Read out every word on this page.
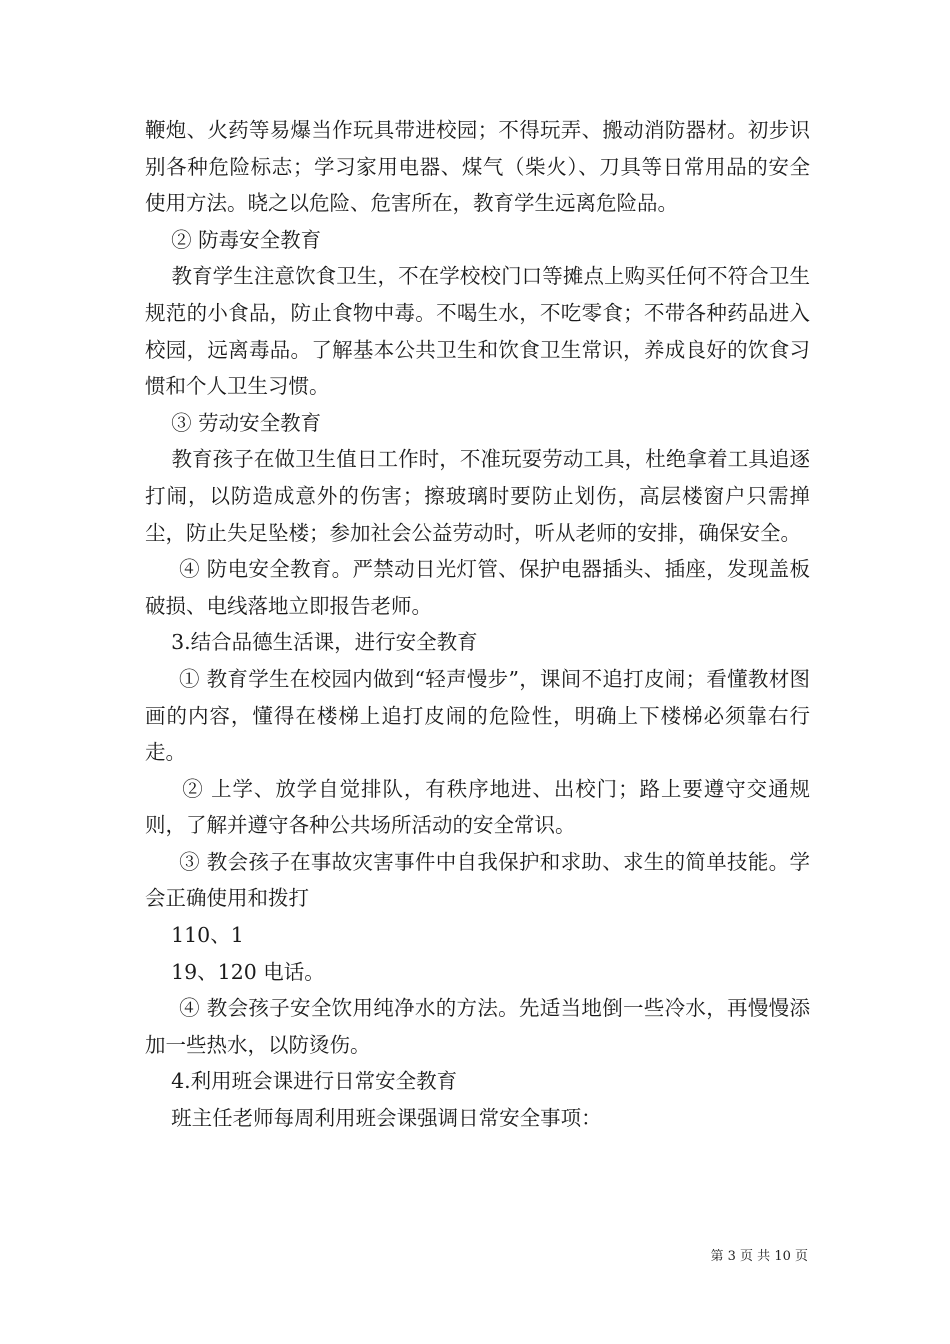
鞭炮、火药等易爆当作玩具带进校园；不得玩弄、搬动消防器材。初步识别各种危险标志；学习家用电器、煤气（柴火）、刀具等日常用品的安全使用方法。晓之以危险、危害所在，教育学生远离危险品。

② 防毒安全教育

教育学生注意饮食卫生，不在学校校门口等摊点上购买任何不符合卫生规范的小食品，防止食物中毒。不喝生水，不吃零食；不带各种药品进入校园，远离毒品。了解基本公共卫生和饮食卫生常识，养成良好的饮食习惯和个人卫生习惯。

③ 劳动安全教育

教育孩子在做卫生值日工作时，不准玩耍劳动工具，杜绝拿着工具追逐打闹，以防造成意外的伤害；擦玻璃时要防止划伤，高层楼窗户只需掸尘，防止失足坠楼；参加社会公益劳动时，听从老师的安排，确保安全。

④ 防电安全教育。严禁动日光灯管、保护电器插头、插座，发现盖板破损、电线落地立即报告老师。

3.结合品德生活课，进行安全教育

① 教育学生在校园内做到“轻声慢步”，课间不追打皮闹；看懂教材图画的内容，懂得在楼梯上追打皮闹的危险性，明确上下楼梯必须靠右行走。

② 上学、放学自觉排队，有秩序地进、出校门；路上要遵守交通规则，了解并遵守各种公共场所活动的安全常识。

③ 教会孩子在事故灾害事件中自我保护和求助、求生的简单技能。学会正确使用和拨打

110、1

19、120 电话。

④ 教会孩子安全饮用纯净水的方法。先适当地倒一些冷水，再慢慢添加一些热水，以防烫伤。

4.利用班会课进行日常安全教育

班主任老师每周利用班会课强调日常安全事项：

第 3 页 共 10 页
